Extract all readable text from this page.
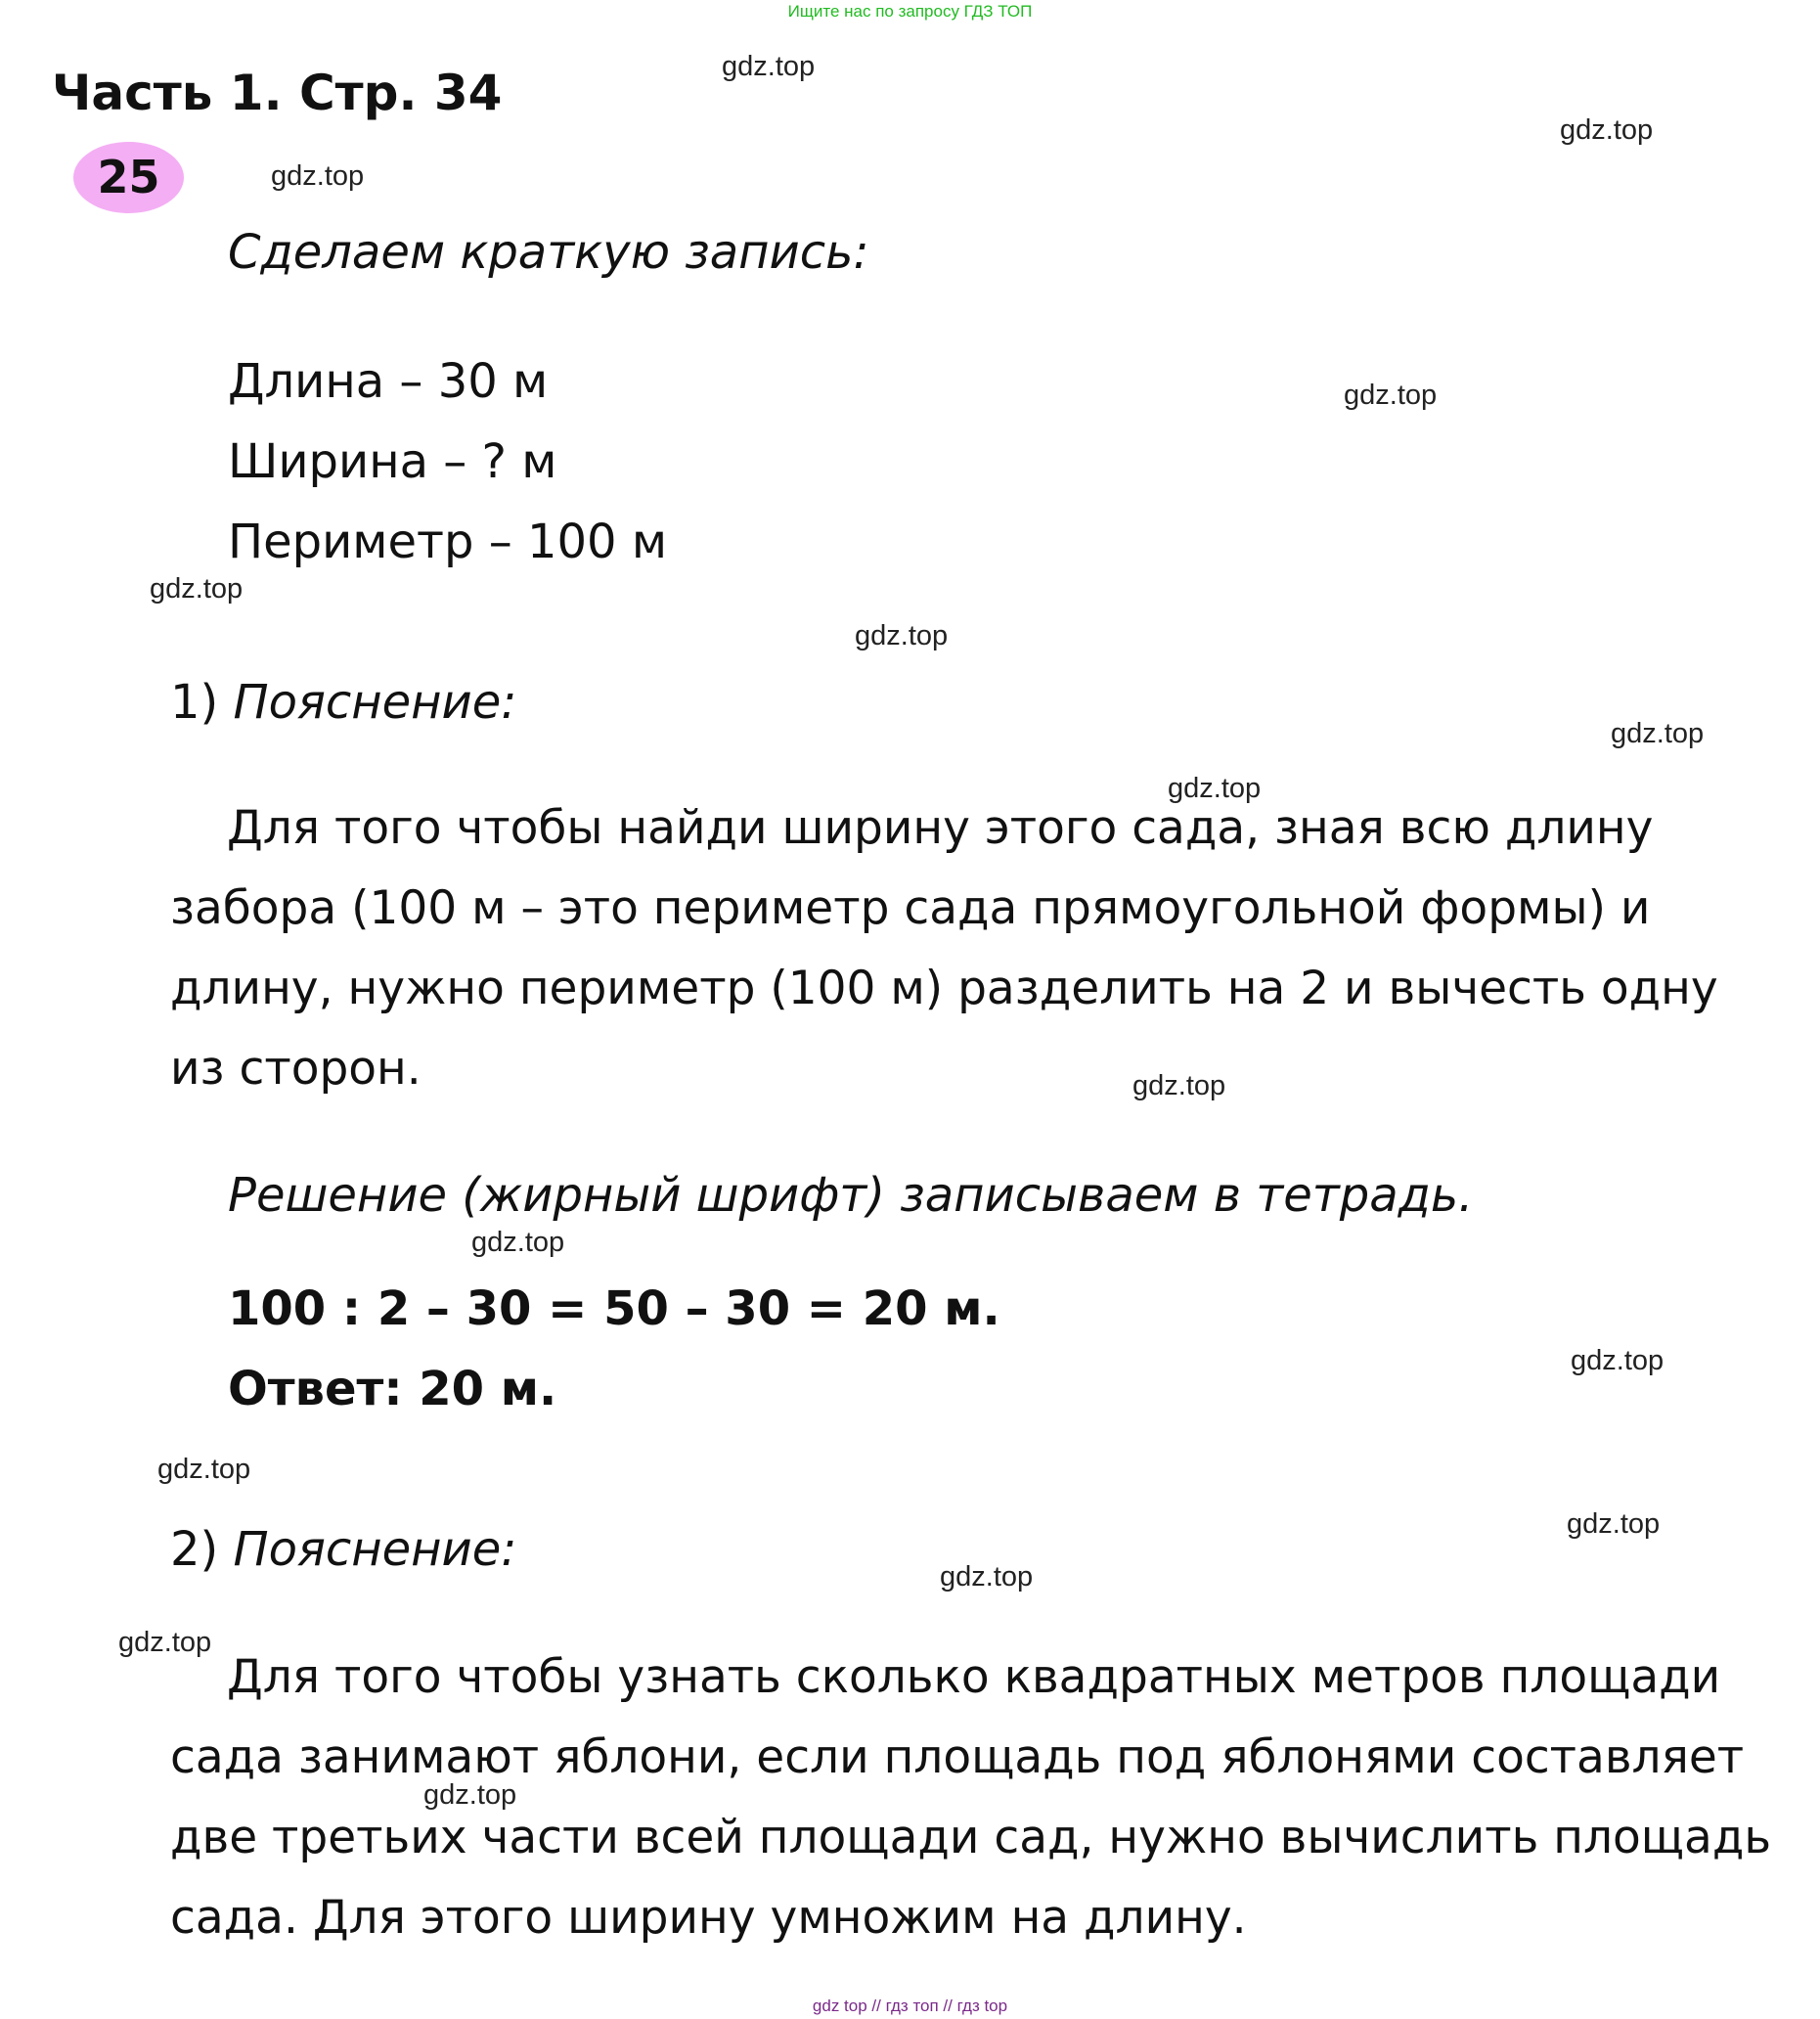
Ищите нас по запросу ГДЗ ТОП
Часть 1. Стр. 34
25
Сделаем краткую запись:
Длина – 30 м
Ширина – ? м
Периметр – 100 м
1) Пояснение:
Для того чтобы найди ширину этого сада, зная всю длину забора (100 м – это периметр сада прямоугольной формы) и длину, нужно периметр (100 м) разделить на 2 и вычесть одну из сторон.
Решение (жирный шрифт) записываем в тетрадь.
100 : 2 – 30 = 50 – 30 = 20 м.
Ответ: 20 м.
2) Пояснение:
Для того чтобы узнать сколько квадратных метров площади сада занимают яблони, если площадь под яблонями составляет две третьих части всей площади сад, нужно вычислить площадь сада. Для этого ширину умножим на длину.
gdz.top
gdz.top
gdz.top
gdz.top
gdz.top
gdz.top
gdz.top
gdz.top
gdz.top
gdz.top
gdz.top
gdz.top
gdz.top
gdz.top
gdz.top
gdz.top
gdz top // гдз топ // гдз top
